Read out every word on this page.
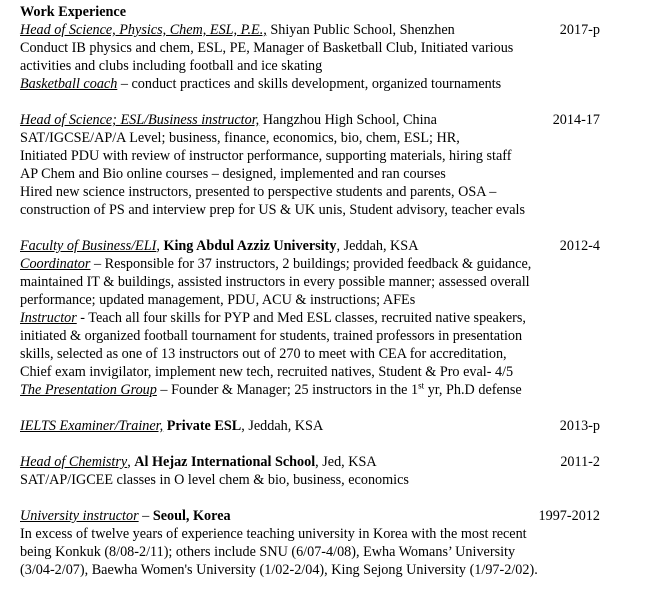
Work Experience
Head of Science, Physics, Chem, ESL, P.E., Shiyan Public School, Shenzhen	2017-p
Conduct IB physics and chem, ESL, PE, Manager of Basketball Club, Initiated various
activities and clubs including football and ice skating
Basketball coach – conduct practices and skills development, organized tournaments
Head of Science; ESL/Business instructor, Hangzhou High School, China	2014-17
SAT/IGCSE/AP/A Level; business, finance, economics, bio, chem, ESL; HR,
Initiated PDU with review of instructor performance, supporting materials, hiring staff
AP Chem and Bio online courses – designed, implemented and ran courses
Hired new science instructors, presented to perspective students and parents, OSA –
construction of PS and interview prep for US & UK unis, Student advisory, teacher evals
Faculty of Business/ELI, King Abdul Azziz University, Jeddah, KSA	2012-4
Coordinator – Responsible for 37 instructors, 2 buildings; provided feedback & guidance,
maintained IT & buildings, assisted instructors in every possible manner; assessed overall
performance; updated management, PDU, ACU & instructions; AFEs
Instructor - Teach all four skills for PYP and Med ESL classes, recruited native speakers,
initiated & organized football tournament for students, trained professors in presentation
skills, selected as one of 13 instructors out of 270 to meet with CEA for accreditation,
Chief exam invigilator, implement new tech, recruited natives, Student & Pro eval- 4/5
The Presentation Group – Founder & Manager; 25 instructors in the 1st yr, Ph.D defense
IELTS Examiner/Trainer, Private ESL, Jeddah, KSA	2013-p
Head of Chemistry, Al Hejaz International School, Jed, KSA	2011-2
SAT/AP/IGCEE classes in O level chem & bio, business, economics
University instructor – Seoul, Korea	1997-2012
In excess of twelve years of experience teaching university in Korea with the most recent
being Konkuk (8/08-2/11); others include SNU (6/07-4/08), Ewha Womans’ University
(3/04-2/07), Baewha Women's University (1/02-2/04), King Sejong University (1/97-2/02).
